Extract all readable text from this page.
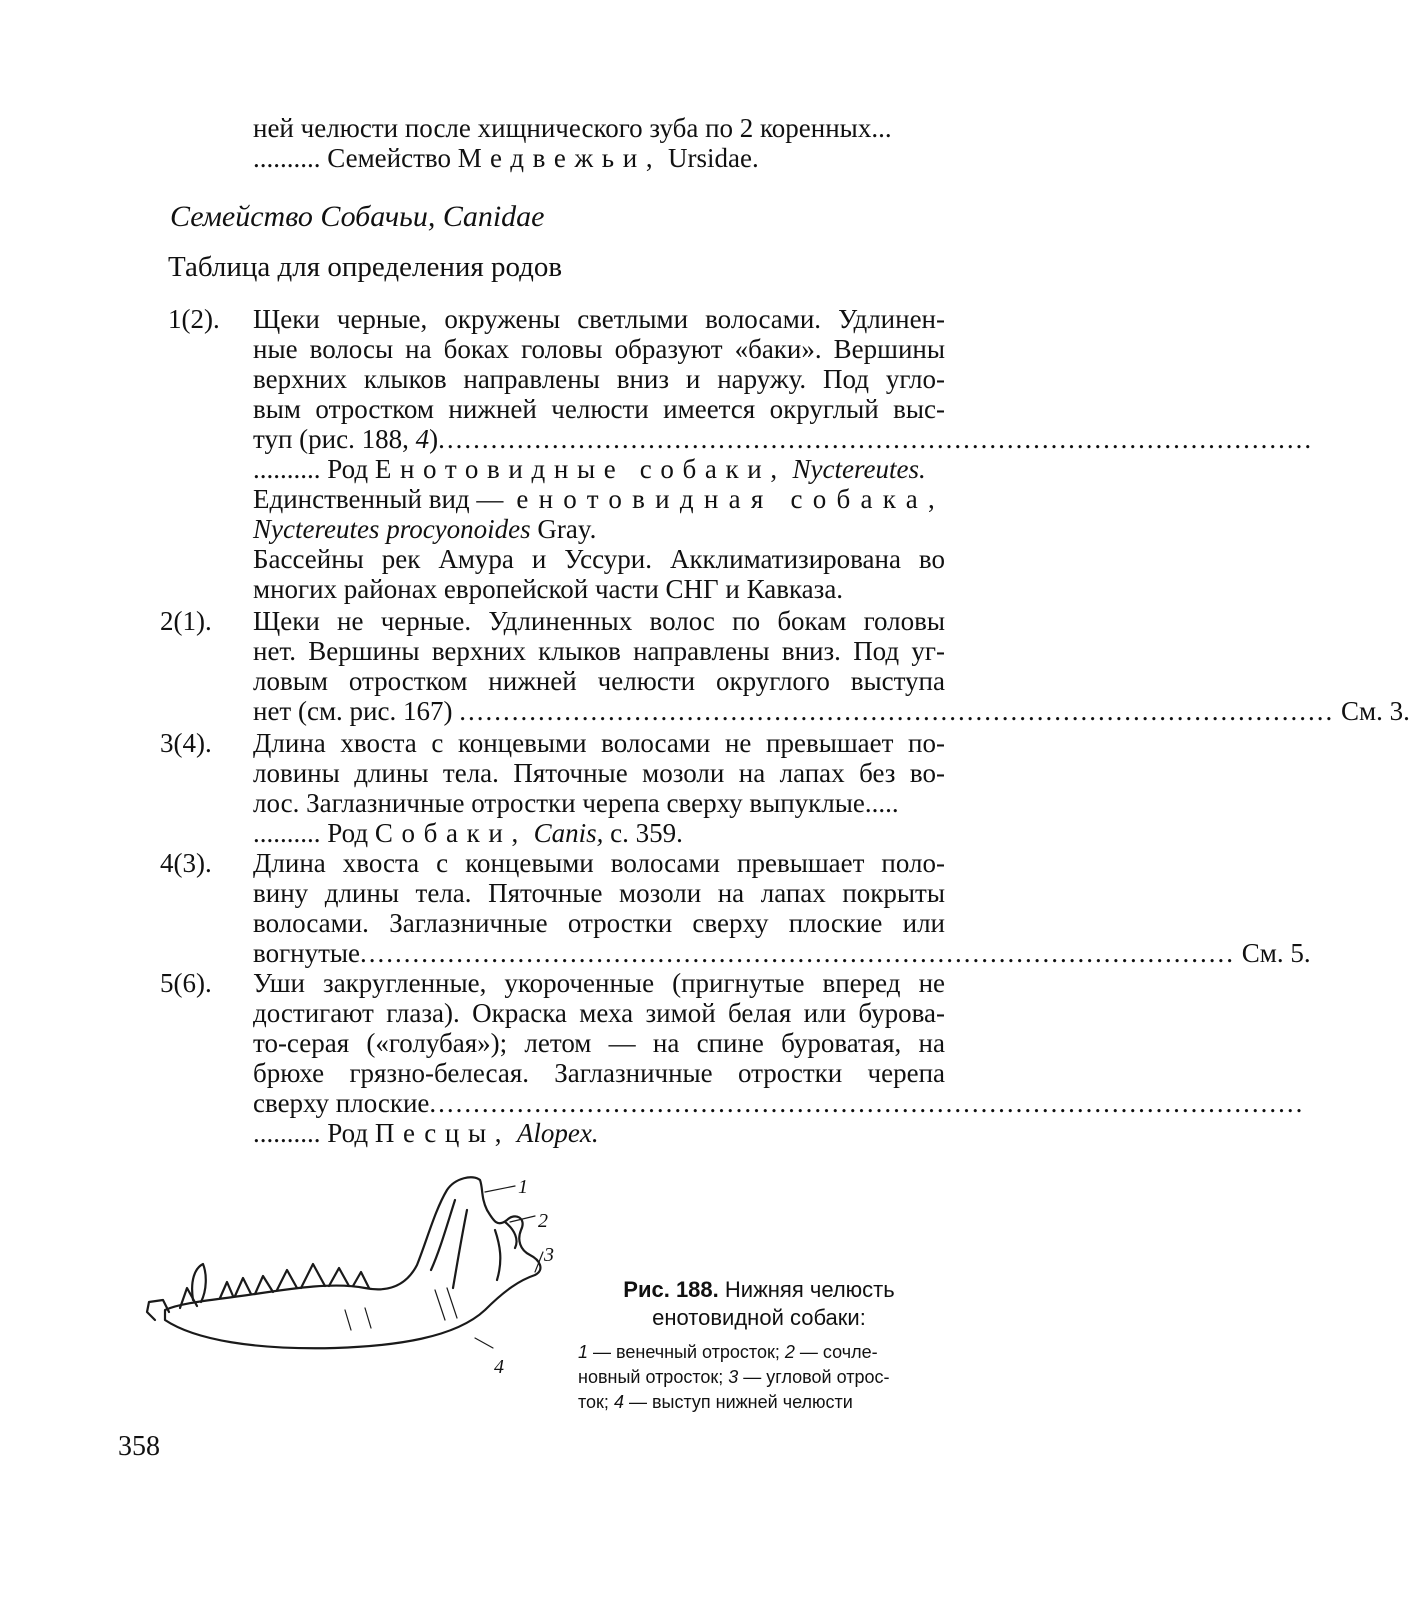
ней челюсти после хищнического зуба по 2 коренных...
.......... Семейство Медвежьи, Ursidae.
Семейство Собачьи, Canidae
Таблица для определения родов
1(2). Щеки черные, окружены светлыми волосами. Удлинен-
ные волосы на боках головы образуют «баки». Вершины
верхних клыков направлены вниз и наружу. Под угло-
вым отростком нижней челюсти имеется округлый выс-
туп (рис. 188,
4 ) ....................................................................................................
.......... Род Енотовидные собаки, Nyctereutes.
Единственный вид — енотовидная собака,
Nyctereutes procyonoides Gray.
Бассейны рек Амура и Уссури. Акклиматизирована во
многих районах европейской части СНГ и Кавказа.
2(1). Щеки не черные. Удлиненных волос по бокам головы
нет. Вершины верхних клыков направлены вниз. Под уг-
ловым отростком нижней челюсти округлого выступа
нет (см. рис. 167)
....................................................................................................
См. 3.
3(4). Длина хвоста с концевыми волосами не превышает по-
ловины длины тела. Пяточные мозоли на лапах без во-
лос. Заглазничные отростки черепа сверху выпуклые.....
.......... Род Собаки, Canis, с. 359.
4(3). Длина хвоста с концевыми волосами превышает поло-
вину длины тела. Пяточные мозоли на лапах покрыты
волосами. Заглазничные отростки сверху плоские или
вогнутые ....................................................................................................
См. 5.
5(6). Уши закругленные, укороченные (пригнутые вперед не
достигают глаза). Окраска меха зимой белая или бурова-
то-серая («голубая»); летом — на спине буроватая, на
брюхе грязно-белесая. Заглазничные отростки черепа
сверху плоские ....................................................................................................
.......... Род Песцы, Alopex.
1
2
3
4
Рис. 188. Нижняя челюсть
енотовидной собаки:
1 — венечный отросток; 2 — сочле-
новный отросток; 3 — угловой отрос-
ток; 4 — выступ нижней челюсти
358
